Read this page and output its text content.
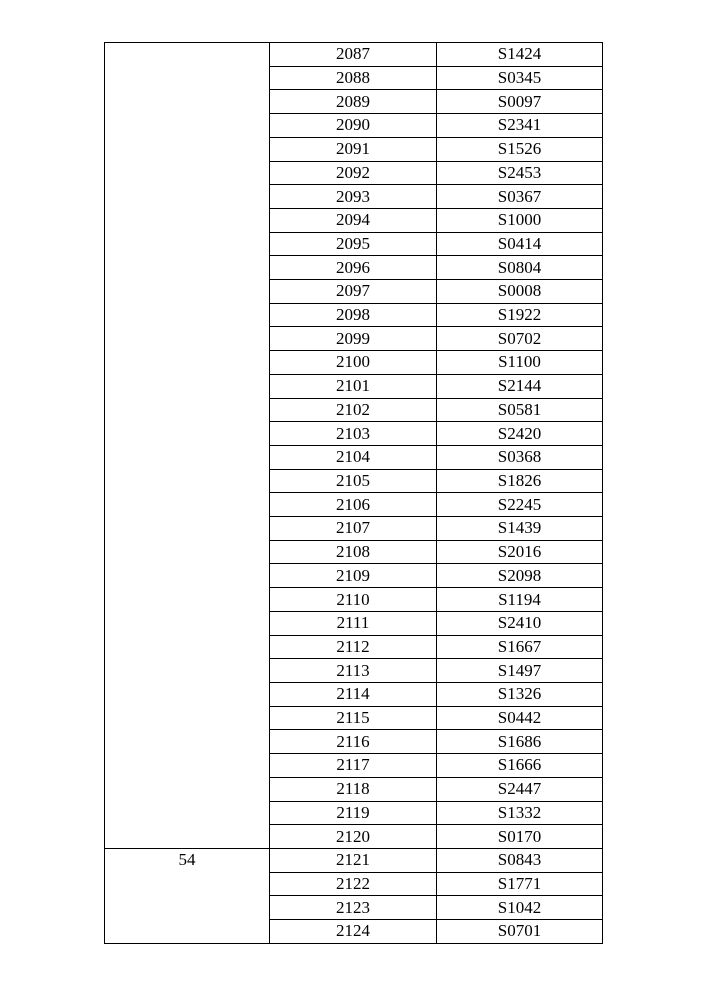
	2087	S1424
	2088	S0345
	2089	S0097
	2090	S2341
	2091	S1526
	2092	S2453
	2093	S0367
	2094	S1000
	2095	S0414
	2096	S0804
	2097	S0008
	2098	S1922
	2099	S0702
	2100	S1100
	2101	S2144
	2102	S0581
	2103	S2420
	2104	S0368
	2105	S1826
	2106	S2245
	2107	S1439
	2108	S2016
	2109	S2098
	2110	S1194
	2111	S2410
	2112	S1667
	2113	S1497
	2114	S1326
	2115	S0442
	2116	S1686
	2117	S1666
	2118	S2447
	2119	S1332
	2120	S0170
54	2121	S0843
	2122	S1771
	2123	S1042
	2124	S0701
